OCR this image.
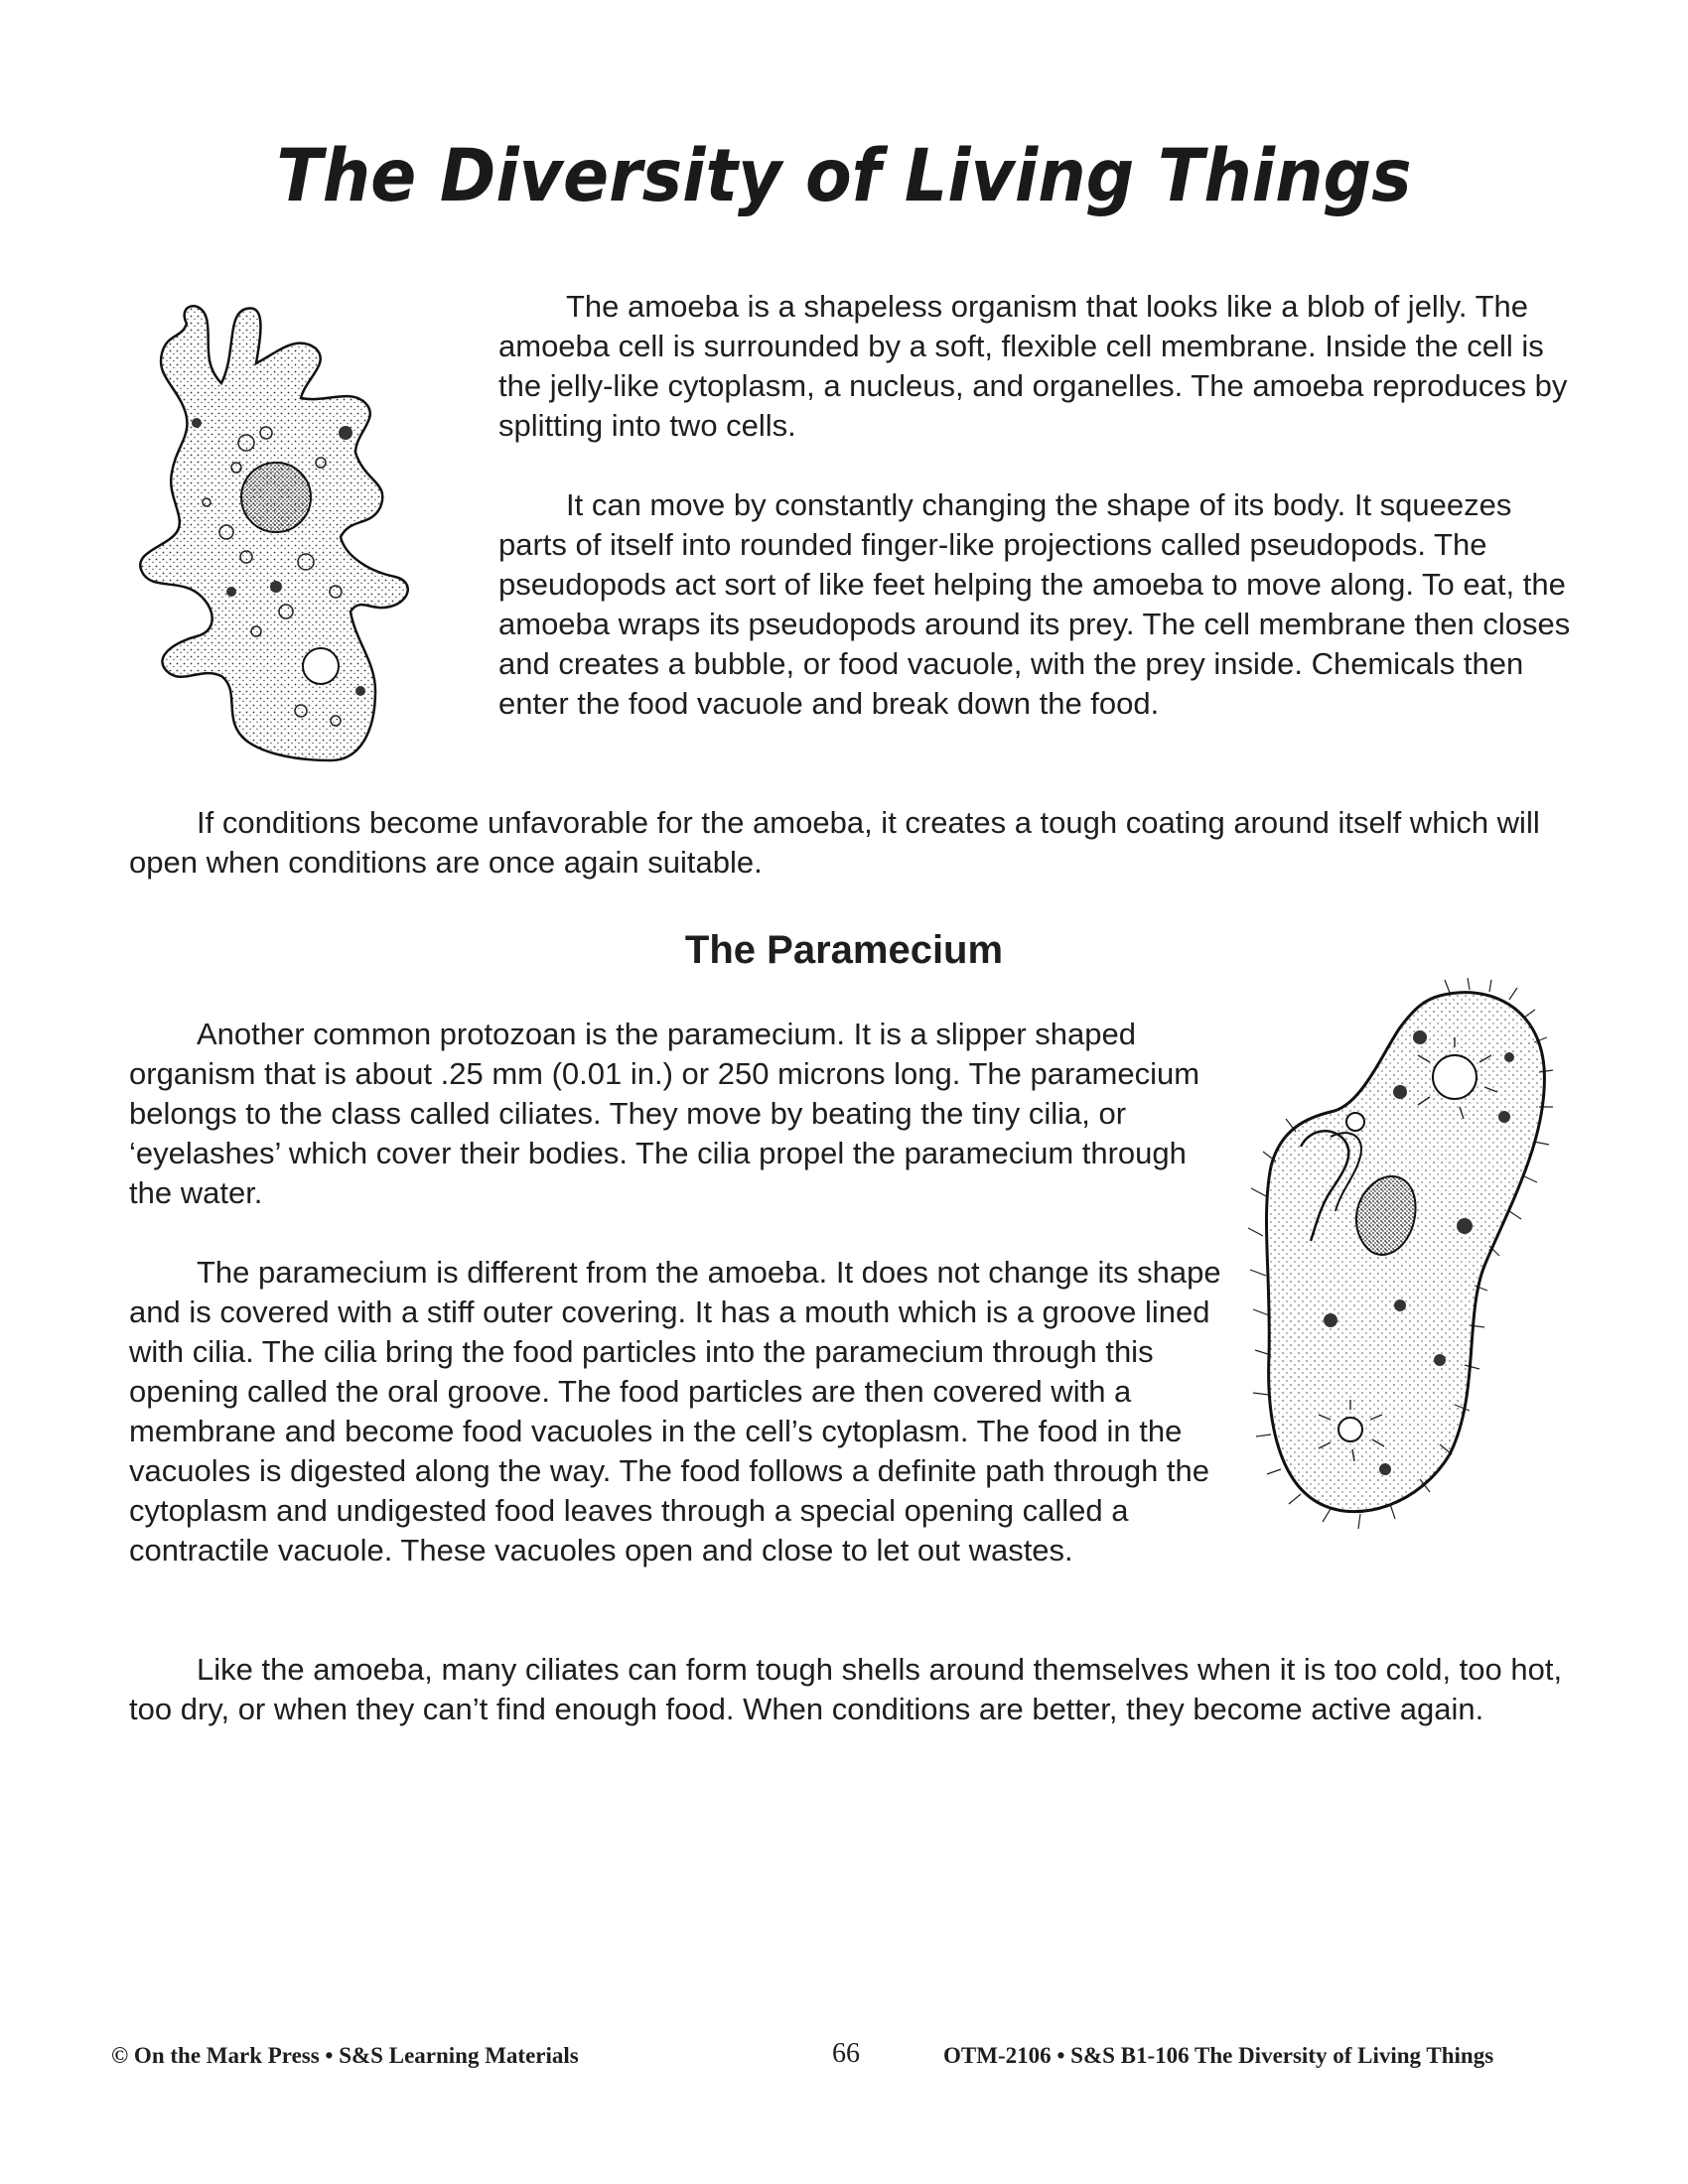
The Diversity of Living Things

The amoeba is a shapeless organism that looks like a blob of jelly. The amoeba cell is surrounded by a soft, flexible cell membrane. Inside the cell is the jelly-like cytoplasm, a nucleus, and organelles. The amoeba reproduces by splitting into two cells.

It can move by constantly changing the shape of its body. It squeezes parts of itself into rounded finger-like projections called pseudopods. The pseudopods act sort of like feet helping the amoeba to move along. To eat, the amoeba wraps its pseudopods around its prey. The cell membrane then closes and creates a bubble, or food vacuole, with the prey inside. Chemicals then enter the food vacuole and break down the food.

If conditions become unfavorable for the amoeba, it creates a tough coating around itself which will open when conditions are once again suitable.

The Paramecium

Another common protozoan is the paramecium. It is a slipper shaped organism that is about .25 mm (0.01 in.) or 250 microns long. The paramecium belongs to the class called ciliates. They move by beating the tiny cilia, or ‘eyelashes’ which cover their bodies. The cilia propel the paramecium through the water.

The paramecium is different from the amoeba. It does not change its shape and is covered with a stiff outer covering. It has a mouth which is a groove lined with cilia. The cilia bring the food particles into the paramecium through this opening called the oral groove. The food particles are then covered with a membrane and become food vacuoles in the cell’s cytoplasm. The food in the vacuoles is digested along the way. The food follows a definite path through the cytoplasm and undigested food leaves through a special opening called a contractile vacuole. These vacuoles open and close to let out wastes.

Like the amoeba, many ciliates can form tough shells around themselves when it is too cold, too hot, too dry, or when they can’t find enough food. When conditions are better, they become active again.

© On the Mark Press • S&S Learning Materials	66	OTM-2106 • S&S B1-106 The Diversity of Living Things
